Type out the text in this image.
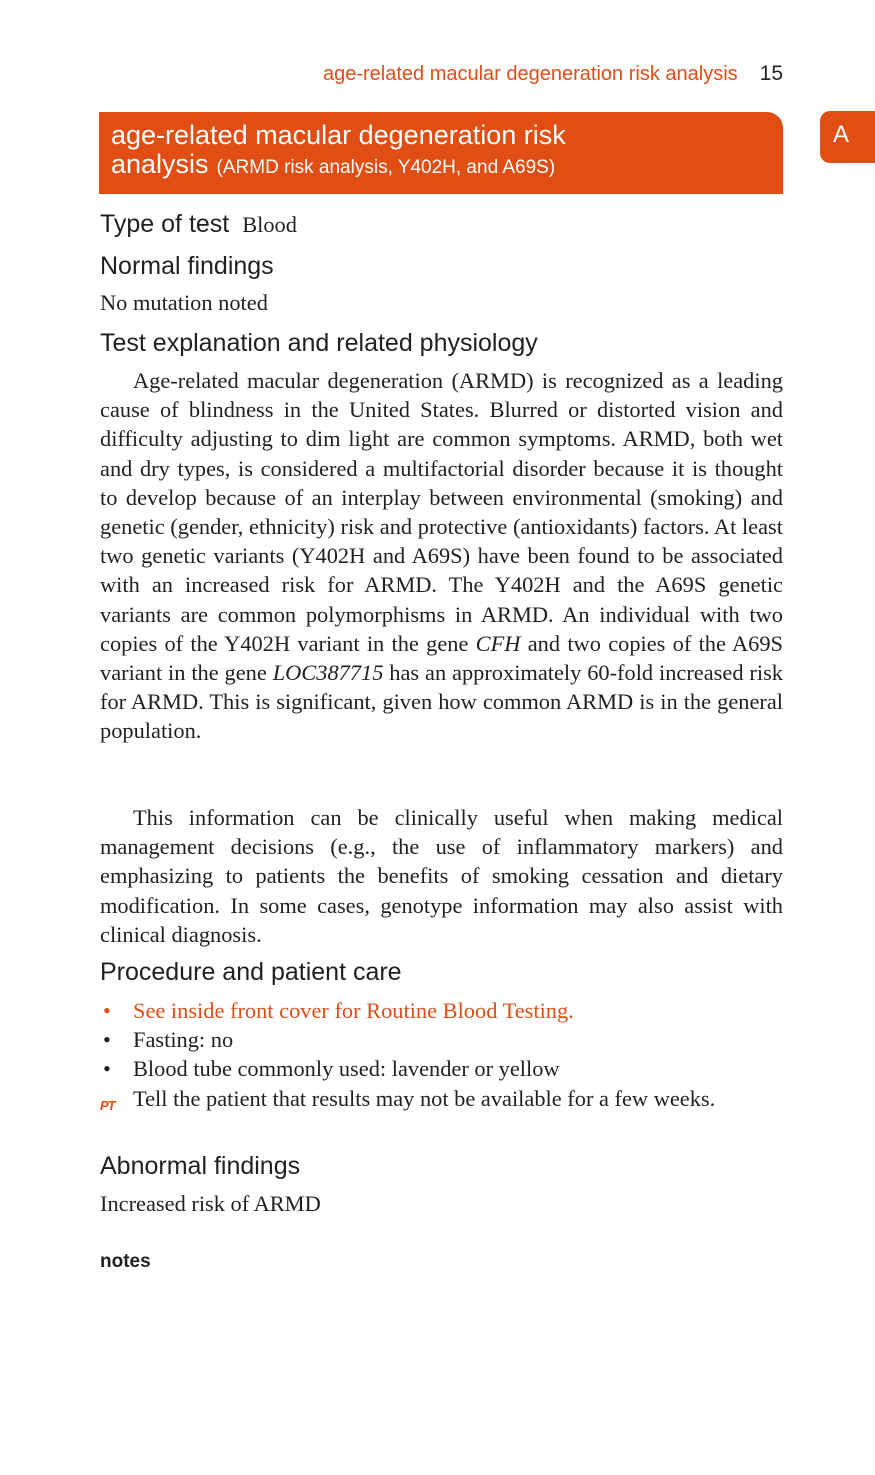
age-related macular degeneration risk analysis 15
A
age-related macular degeneration risk
analysis (ARMD risk analysis, Y402H, and A69S)
Type of test Blood
Normal findings
No mutation noted
Test explanation and related physiology
Age-related macular degeneration (ARMD) is recognized as a leading cause of blindness in the United States. Blurred or distorted vision and difficulty adjusting to dim light are common symptoms. ARMD, both wet and dry types, is considered a multifactorial disorder because it is thought to develop because of an interplay between environmental (smoking) and genetic (gender, ethnicity) risk and protective (antioxidants) factors. At least two genetic variants (Y402H and A69S) have been found to be associated with an increased risk for ARMD. The Y402H and the A69S genetic variants are common polymorphisms in ARMD. An individual with two copies of the Y402H variant in the gene CFH and two copies of the A69S variant in the gene LOC387715 has an approximately 60-fold increased risk for ARMD. This is significant, given how common ARMD is in the general population.
This information can be clinically useful when making medical management decisions (e.g., the use of inflammatory markers) and emphasizing to patients the benefits of smoking cessation and dietary modification. In some cases, genotype information may also assist with clinical diagnosis.
Procedure and patient care
• See inside front cover for Routine Blood Testing.
• Fasting: no
• Blood tube commonly used: lavender or yellow
PT Tell the patient that results may not be available for a few weeks.
Abnormal findings
Increased risk of ARMD
notes
